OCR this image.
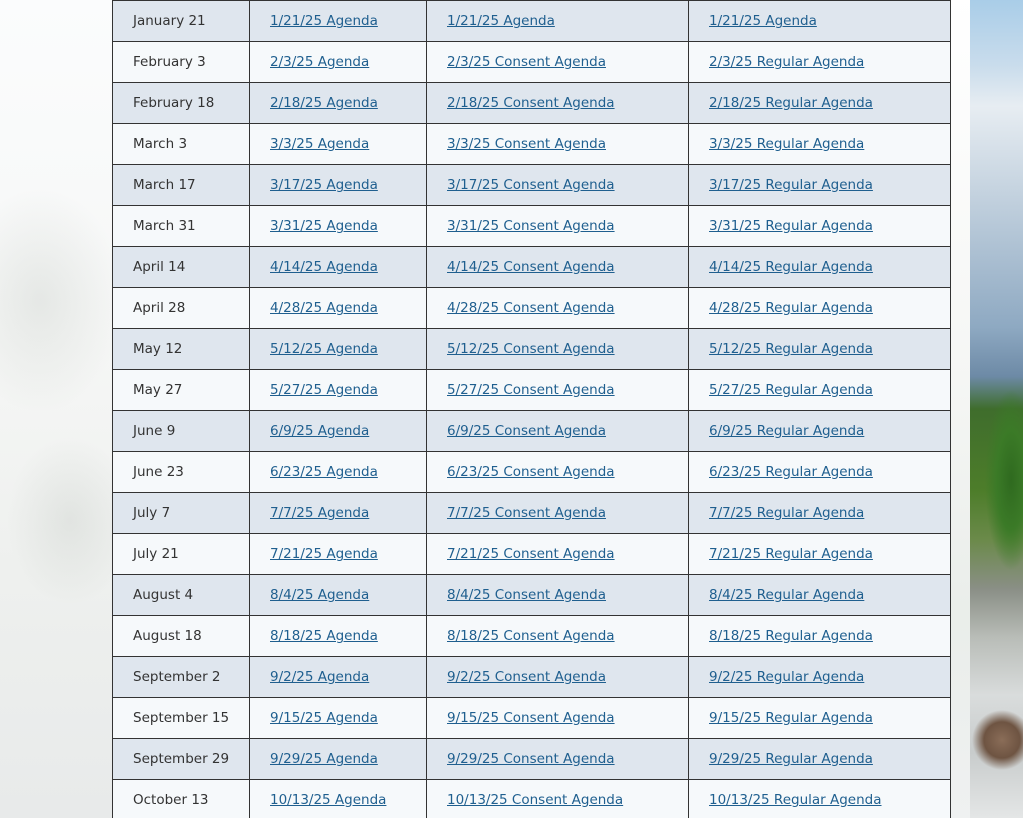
January 21	1/21/25 Agenda	1/21/25 Agenda	1/21/25 Agenda
February 3	2/3/25 Agenda	2/3/25 Consent Agenda	2/3/25 Regular Agenda
February 18	2/18/25 Agenda	2/18/25 Consent Agenda	2/18/25 Regular Agenda
March 3	3/3/25 Agenda	3/3/25 Consent Agenda	3/3/25 Regular Agenda
March 17	3/17/25 Agenda	3/17/25 Consent Agenda	3/17/25 Regular Agenda
March 31	3/31/25 Agenda	3/31/25 Consent Agenda	3/31/25 Regular Agenda
April 14	4/14/25 Agenda	4/14/25 Consent Agenda	4/14/25 Regular Agenda
April 28	4/28/25 Agenda	4/28/25 Consent Agenda	4/28/25 Regular Agenda
May 12	5/12/25 Agenda	5/12/25 Consent Agenda	5/12/25 Regular Agenda
May 27	5/27/25 Agenda	5/27/25 Consent Agenda	5/27/25 Regular Agenda
June 9	6/9/25 Agenda	6/9/25 Consent Agenda	6/9/25 Regular Agenda
June 23	6/23/25 Agenda	6/23/25 Consent Agenda	6/23/25 Regular Agenda
July 7	7/7/25 Agenda	7/7/25 Consent Agenda	7/7/25 Regular Agenda
July 21	7/21/25 Agenda	7/21/25 Consent Agenda	7/21/25 Regular Agenda
August 4	8/4/25 Agenda	8/4/25 Consent Agenda	8/4/25 Regular Agenda
August 18	8/18/25 Agenda	8/18/25 Consent Agenda	8/18/25 Regular Agenda
September 2	9/2/25 Agenda	9/2/25 Consent Agenda	9/2/25 Regular Agenda
September 15	9/15/25 Agenda	9/15/25 Consent Agenda	9/15/25 Regular Agenda
September 29	9/29/25 Agenda	9/29/25 Consent Agenda	9/29/25 Regular Agenda
October 13	10/13/25 Agenda	10/13/25 Consent Agenda	10/13/25 Regular Agenda
